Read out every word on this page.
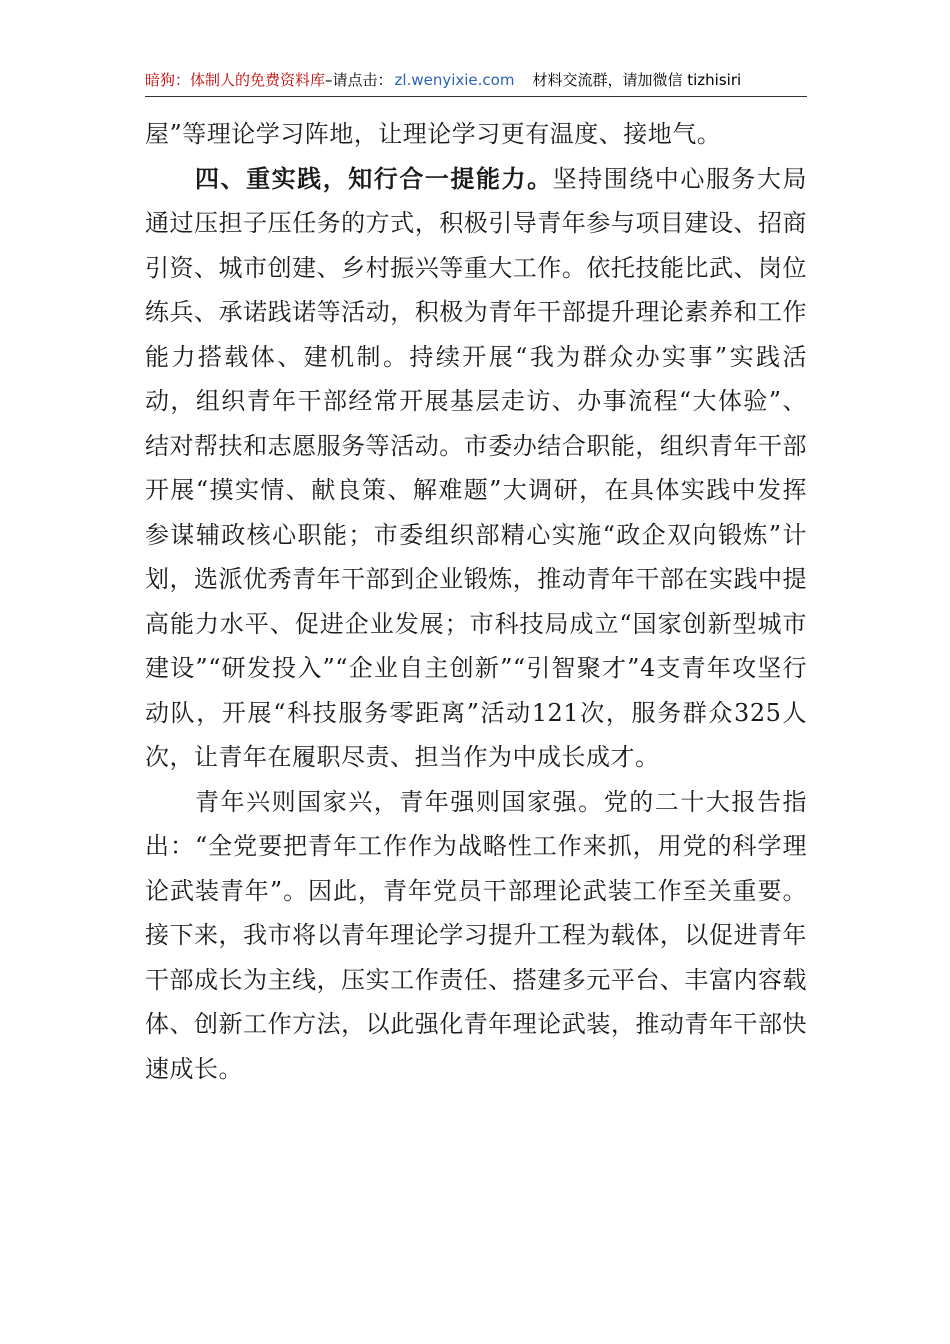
暗狗：体制人的免费资料库–请点击： zl.wenyixie.com 材料交流群，请加微信 tizhisiri

屋”等理论学习阵地，让理论学习更有温度、接地气。

四、重实践，知行合一提能力。坚持围绕中心服务大局通过压担子压任务的方式，积极引导青年参与项目建设、招商引资、城市创建、乡村振兴等重大工作。依托技能比武、岗位练兵、承诺践诺等活动，积极为青年干部提升理论素养和工作能力搭载体、建机制。持续开展“我为群众办实事”实践活动，组织青年干部经常开展基层走访、办事流程“大体验”、结对帮扶和志愿服务等活动。市委办结合职能，组织青年干部开展“摸实情、献良策、解难题”大调研，在具体实践中发挥参谋辅政核心职能；市委组织部精心实施“政企双向锻炼”计划，选派优秀青年干部到企业锻炼，推动青年干部在实践中提高能力水平、促进企业发展；市科技局成立“国家创新型城市建设”“研发投入”“企业自主创新”“引智聚才”4支青年攻坚行动队，开展“科技服务零距离”活动121次，服务群众325人次，让青年在履职尽责、担当作为中成长成才。

青年兴则国家兴，青年强则国家强。党的二十大报告指出：“全党要把青年工作作为战略性工作来抓，用党的科学理论武装青年”。因此，青年党员干部理论武装工作至关重要。接下来，我市将以青年理论学习提升工程为载体，以促进青年干部成长为主线，压实工作责任、搭建多元平台、丰富内容载体、创新工作方法，以此强化青年理论武装，推动青年干部快速成长。
